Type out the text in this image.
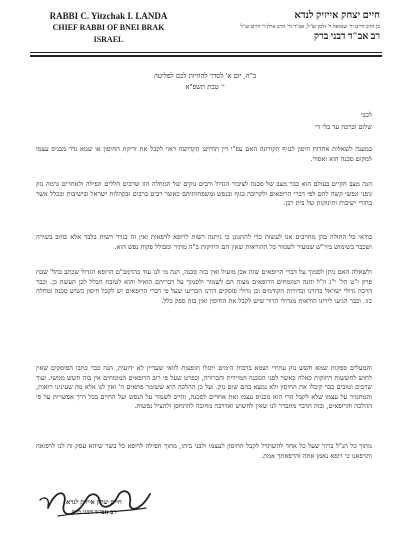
RABBI C. Yitzchak I. LANDA
CHIEF RABBI OF BNEI BRAK
ISRAEL
חיים יצחק אייזיק לנדא
בן הרב חיים ור' שמואל ר' זלמן זצ"ל, אב"ד ור' הרב אילן ר' חיים זצ"ל
רב אב"ד דבני ברק
ב"ה, יום א' לסדר להחיות לכם לפליטה
י' טבת תשפ"א
לכבי
שלום וברכה עד בלי די
במענה לשאלות אחדות חיסון לנגיף הקורונה האם עפ"י דין תורתנו הקדושה ראוי לקבל את זריקת החיסון או שמא גדר מכניס עצמו למקום סכנה הוא ואסור.
הנה מצב הקיים בעולם הוא כבר מצב של סכנה לציבור הגדול ורבים נוקים של המחלה הזו שרבים חללים הפילה ולאחרים גרמה נזק גופני ונפשי קשה להם לפי דברי הרופאים ולקרובה בגוף ובנפש ומשפחותיהם כאשר רבים ברבים ובקהלות ישראל ובישיבות ובכלל אשר בחורי ישיבות ותינוקות של בית רבן.
בודאי כל התולה בהן מחויבים אנו לעשות כדי להתגונן כי ניתנה רשות לרופא לרפאות ואין זה בגדר רשות בלבד אלא כחוב בשורה ושכבר בשימוש ביר"ש שמעיר לשמור כל ההוראות שאין הם היזיקות ב"ה מתיר ומבולל פקוח נפש הוא.
ולשאלה האם ניתן לסמוך על דברי הרופאים שזה אכן מועיל ואין בזה סכנה, הנה מי לנו עוד כהרמב"ם הרופא הגדול שכתב בהל' שבת פרק י"ט הל' י"ג וז"ל והנה המומחים הרופאים מצוה הם לשמור ולסמוך על דבריהם הואיל והוא לטובת הכלל לכן תעשה כן. וכבר הרבה גדולי ישראל בדורנו ובדורות הקודמים וכן גדולי פוסקים דורנו הכריעו שעל פי דברי הרופאים יש לקבל חיסון כשיש סכנה ומחלה כזו. וכבר הגיעו לידינו הוראות מגדולי הדור שיש לקבל את החיסון ואין בזה ספק כלל.
והמעלים ספקות שמא חשש נזק עתידי ושמא ברבות הימים יתגלו תופעות לוואי שעדיין לא ידועות, הנה כבר כתבו הפוסקים שאין לחוש לחששות רחוקות כאלה כאשר לפני הסכנה המיידית והברורה, ובפרט שעל פי רוב הרופאים המומחים אין בזה חשש ממשי. ועוד שרבים וטובים כבר קיבלו את החיסון ולא נמצא בהם שום נזק. ועל כן ההלכה היא ששומר פתאים ה' ואין לנו אלא מה שעינינו רואות, והמחמיר על עצמו שלא לקבל הרי הוא מכניס עצמו ואת אחרים לסכנה, וחייב לשמור על הנפש ועל החיים בכל דרך אפשרית על פי ההלכה והרופאים, ובזה הדבר מתברר לנו שאין לחשוש ואדרבה מחובה להתחסן ולהציל נפשות.
מתוך כל הנ"ל ברור שעל כל אחד להשתדל לקבל החיסון לעצמו ולבני ביתו, מתוך תפילה לרופא כל בשר שיהא עסק זה לנו לרפואה ותרפאנו כי רופא נאמן אתה והרפאתך אמת.
חיים יצחק אייזיק לנדא
רב אב"ד דבני ברק
